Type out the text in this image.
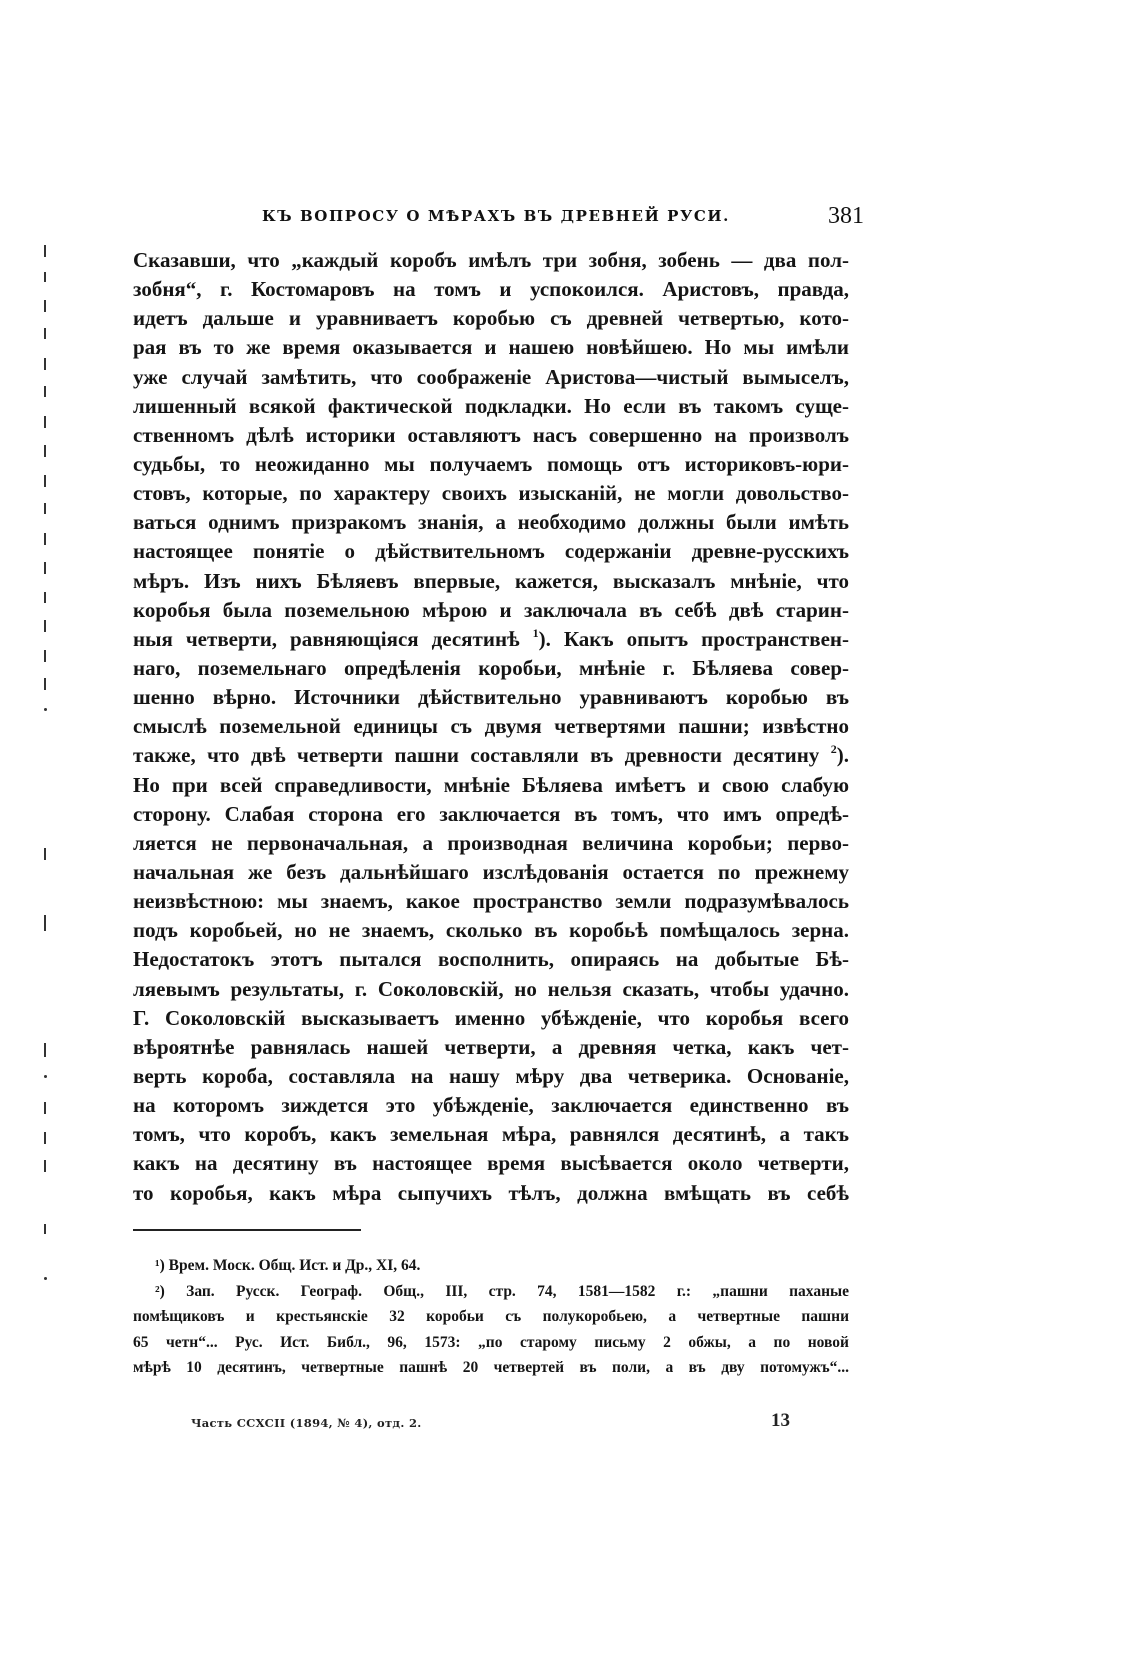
КЪ ВОПРОСУ О МѢРАХЪ ВЪ ДРЕВНЕЙ РУСИ.	381
Сказавши, что „каждый коробъ имѣлъ три зобня, зобень — два пол-
зобня“, г. Костомаровъ на томъ и успокоился. Аристовъ, правда,
идетъ дальше и уравниваетъ коробью съ древней четвертью, кото-
рая въ то же время оказывается и нашею новѣйшею. Но мы имѣли
уже случай замѣтить, что соображеніе Аристова—чистый вымыселъ,
лишенный всякой фактической подкладки. Но если въ такомъ суще-
ственномъ дѣлѣ историки оставляютъ насъ совершенно на произволъ
судьбы, то неожиданно мы получаемъ помощь отъ историковъ-юри-
стовъ, которые, по характеру своихъ изысканій, не могли довольство-
ваться однимъ призракомъ знанія, а необходимо должны были имѣть
настоящее понятіе о дѣйствительномъ содержаніи древне-русскихъ
мѣръ. Изъ нихъ Бѣляевъ впервые, кажется, высказалъ мнѣніе, что
коробья была поземельною мѣрою и заключала въ себѣ двѣ старин-
ныя четверти, равняющіяся десятинѣ $^1$). Какъ опытъ пространствен-
наго, поземельнаго опредѣленія коробьи, мнѣніе г. Бѣляева совер-
шенно вѣрно. Источники дѣйствительно уравниваютъ коробью въ
смыслѣ поземельной единицы съ двумя четвертями пашни; извѣстно
также, что двѣ четверти пашни составляли въ древности десятину $^2$).
Но при всей справедливости, мнѣніе Бѣляева имѣетъ и свою слабую
сторону. Слабая сторона его заключается въ томъ, что имъ опредѣ-
ляется не первоначальная, а производная величина коробьи; перво-
начальная же безъ дальнѣйшаго изслѣдованія остается по прежнему
неизвѣстною: мы знаемъ, какое пространство земли подразумѣвалось
подъ коробьей, но не знаемъ, сколько въ коробьѣ помѣщалось зерна.
Недостатокъ этотъ пытался восполнить, опираясь на добытые Бѣ-
ляевымъ результаты, г. Соколовскій, но нельзя сказать, чтобы удачно.
Г. Соколовскій высказываетъ именно убѣжденіе, что коробья всего
вѣроятнѣе равнялась нашей четверти, а древняя четка, какъ чет-
верть короба, составляла на нашу мѣру два четверика. Основаніе,
на которомъ зиждется это убѣжденіе, заключается единственно въ
томъ, что коробъ, какъ земельная мѣра, равнялся десятинѣ, а такъ
какъ на десятину въ настоящее время высѣвается около четверти,
то коробья, какъ мѣра сыпучихъ тѣлъ, должна вмѣщать въ себѣ
¹) Врем. Моск. Общ. Ист. и Др., XI, 64.
²) Зап. Русск. Географ. Общ., III, стр. 74, 1581—1582 г.: „пашни паханые
помѣщиковъ и крестьянскіе 32 коробьи съ полукоробьею, а четвертные пашни
65 четн“... Рус. Ист. Библ., 96, 1573: „по старому письму 2 обжы, а по новой
мѣрѣ 10 десятинъ, четвертные пашнѣ 20 четвертей въ поли, а въ дву потомужъ“...
Часть CCXCII (1894, № 4), отд. 2.	13
